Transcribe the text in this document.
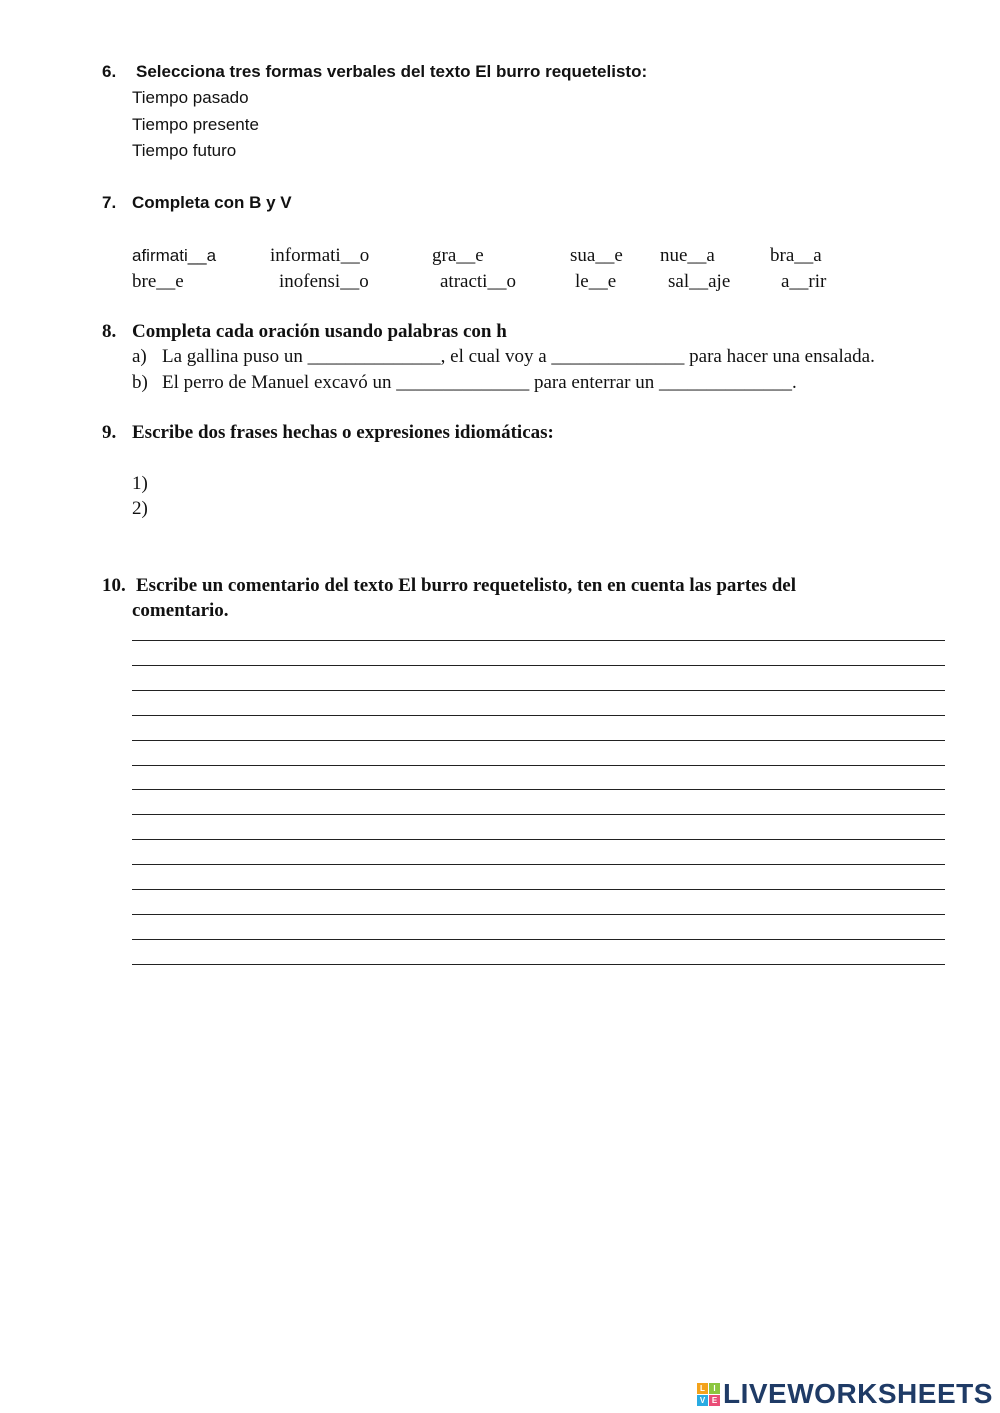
6. Selecciona tres formas verbales del texto El burro requetelisto:
Tiempo pasado
Tiempo presente
Tiempo futuro
7. Completa con B y V
afirmati__a	informati__o	gra__e	sua__e nue__a	bra__a
bre__e	inofensi__o	atracti__o	le__e	sal__aje	a__rir
8. Completa cada oración usando palabras con h
a) La gallina puso un ______________, el cual voy a ______________ para hacer una ensalada.
b) El perro de Manuel excavó un ______________ para enterrar un ______________.
9. Escribe dos frases hechas o expresiones idiomáticas:
1)
2)
10. Escribe un comentario del texto El burro requetelisto, ten en cuenta las partes del
comentario.
L	I
V E LIVEWORKSHEETS
